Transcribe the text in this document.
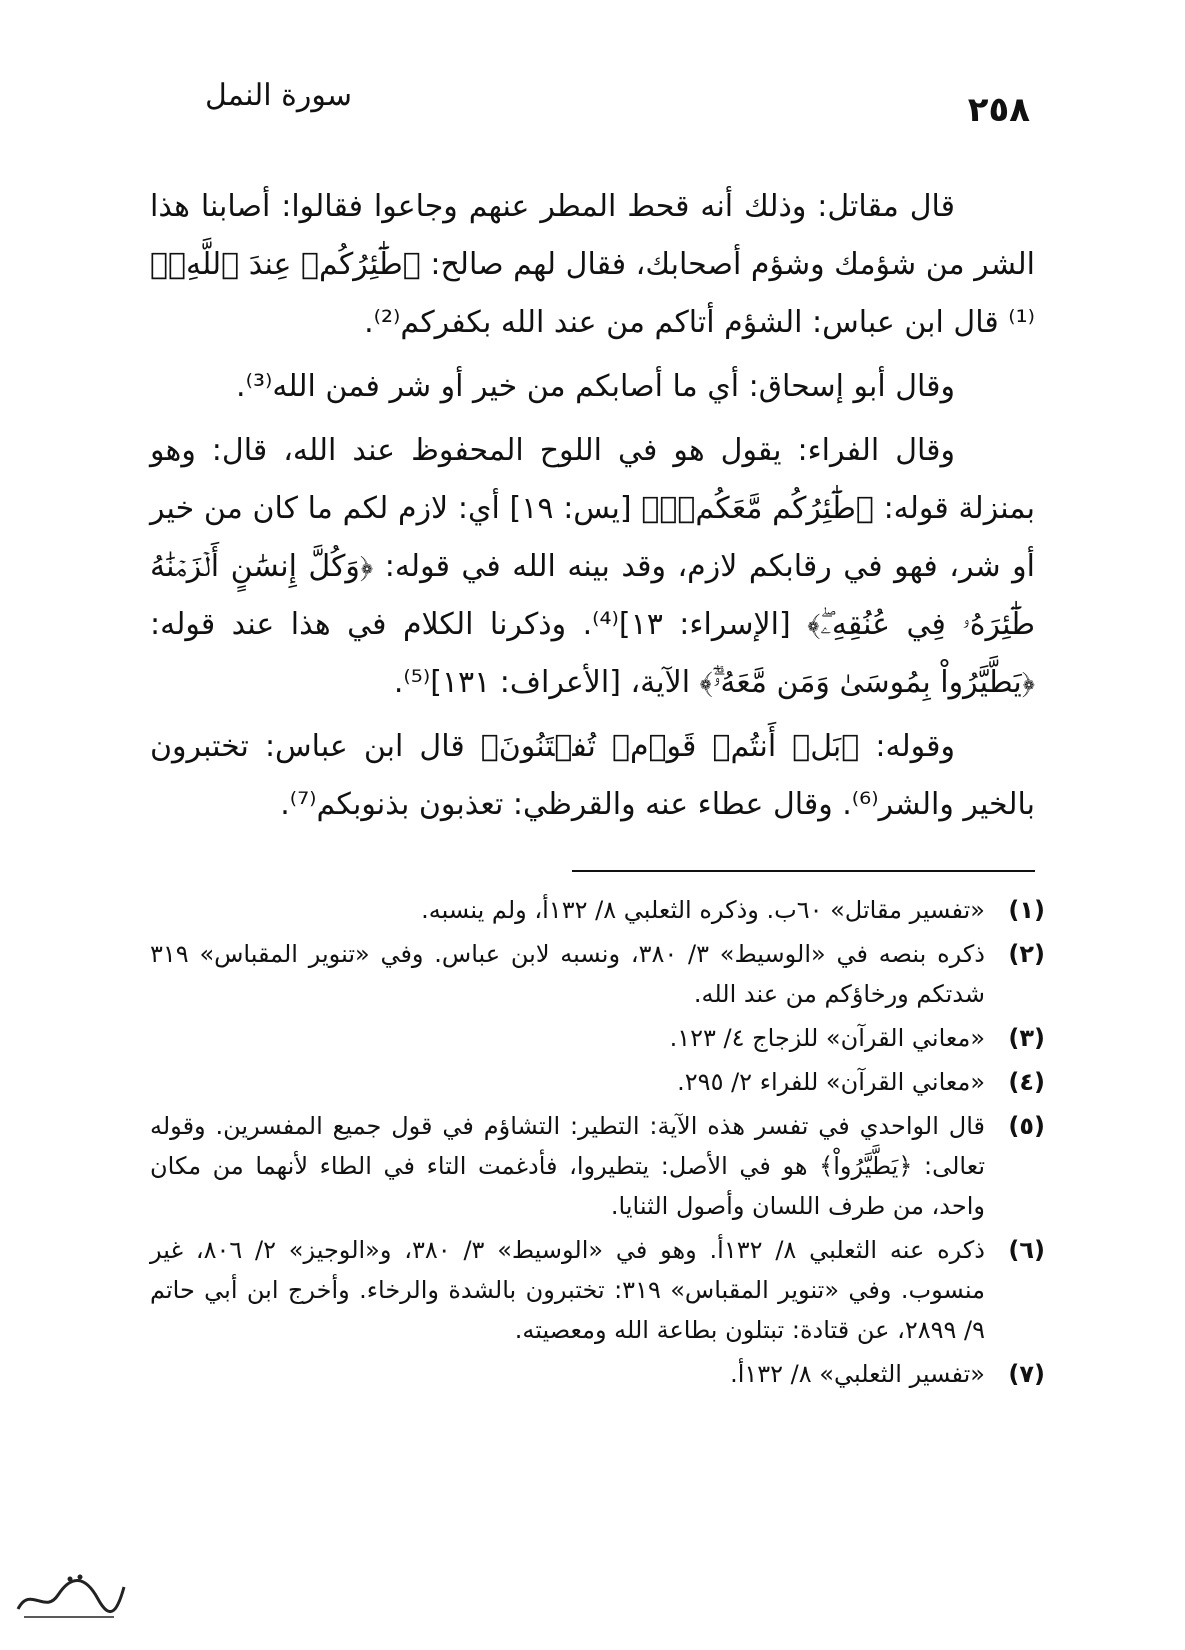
٢٥٨
سورة النمل

قال مقاتل: وذلك أنه قحط المطر عنهم وجاعوا فقالوا: أصابنا هذا الشر من شؤمك وشؤم أصحابك، فقال لهم صالح: ﴿طَٰٓئِرُكُمۡ عِندَ ٱللَّهِۖ﴾⁽¹⁾ قال ابن عباس: الشؤم أتاكم من عند الله بكفركم⁽²⁾.

وقال أبو إسحاق: أي ما أصابكم من خير أو شر فمن الله⁽³⁾.

وقال الفراء: يقول هو في اللوح المحفوظ عند الله، قال: وهو بمنزلة قوله: ﴿طَٰٓئِرُكُم مَّعَكُمۡۚ﴾ [يس: ١٩] أي: لازم لكم ما كان من خير أو شر، فهو في رقابكم لازم، وقد بينه الله في قوله: ﴿وَكُلَّ إِنسَٰنٍ أَلۡزَمۡنَٰهُ طَٰٓئِرَهُۥ فِي عُنُقِهِۦۖ﴾ [الإسراء: ١٣]⁽⁴⁾. وذكرنا الكلام في هذا عند قوله: ﴿يَطَّيَّرُواْ بِمُوسَىٰ وَمَن مَّعَهُۥٓۗ﴾ الآية، [الأعراف: ١٣١]⁽⁵⁾.

وقوله: ﴿بَلۡ أَنتُمۡ قَوۡمٞ تُفۡتَنُونَ﴾ قال ابن عباس: تختبرون بالخير والشر⁽⁶⁾. وقال عطاء عنه والقرظي: تعذبون بذنوبكم⁽⁷⁾.

(١)
«تفسير مقاتل» ٦٠ب. وذكره الثعلبي ٨/ ١٣٢أ، ولم ينسبه.
(٢)
ذكره بنصه في «الوسيط» ٣/ ٣٨٠، ونسبه لابن عباس. وفي «تنوير المقباس» ٣١٩ شدتكم ورخاؤكم من عند الله.
(٣)
«معاني القرآن» للزجاج ٤/ ١٢٣.
(٤)
«معاني القرآن» للفراء ٢/ ٢٩٥.
(٥)
قال الواحدي في تفسر هذه الآية: التطير: التشاؤم في قول جميع المفسرين. وقوله تعالى: ﴿يَطَّيَّرُواْ﴾ هو في الأصل: يتطيروا، فأدغمت التاء في الطاء لأنهما من مكان واحد، من طرف اللسان وأصول الثنايا.
(٦)
ذكره عنه الثعلبي ٨/ ١٣٢أ. وهو في «الوسيط» ٣/ ٣٨٠، و«الوجيز» ٢/ ٨٠٦، غير منسوب. وفي «تنوير المقباس» ٣١٩: تختبرون بالشدة والرخاء. وأخرج ابن أبي حاتم ٩/ ٢٨٩٩، عن قتادة: تبتلون بطاعة الله ومعصيته.
(٧)
«تفسير الثعلبي» ٨/ ١٣٢أ.
